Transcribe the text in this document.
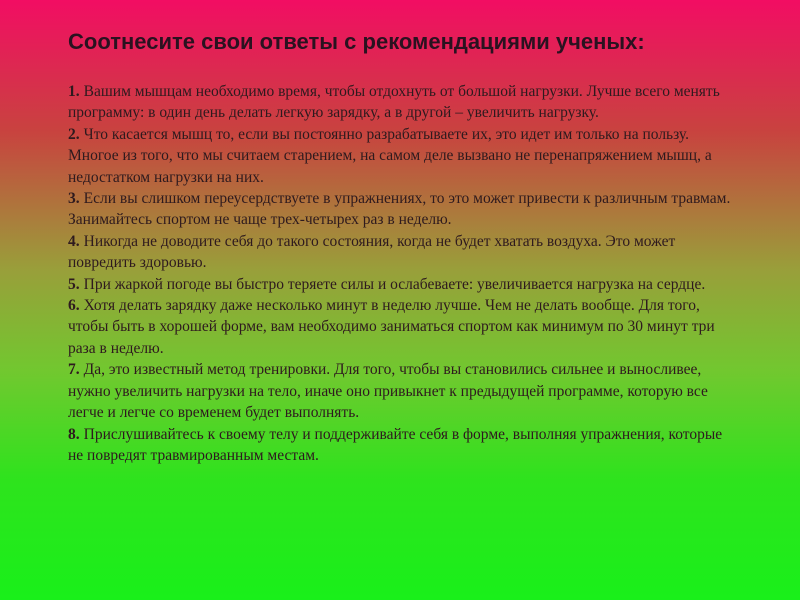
Соотнесите свои ответы с рекомендациями ученых:
1. Вашим мышцам необходимо время, чтобы отдохнуть от большой нагрузки. Лучше всего менять программу: в один день делать легкую зарядку, а в другой – увеличить нагрузку.
2. Что касается мышц то, если вы постоянно разрабатываете их, это идет им только на пользу. Многое из того, что мы считаем старением, на самом деле вызвано не перенапряжением мышц, а недостатком нагрузки на них.
3. Если вы слишком переусердствуете в упражнениях, то это может привести к различным травмам. Занимайтесь спортом не чаще трех-четырех раз в неделю.
4. Никогда не доводите себя до такого состояния, когда не будет хватать воздуха. Это может повредить здоровью.
5. При жаркой погоде вы быстро теряете силы и ослабеваете: увеличивается нагрузка на сердце.
6. Хотя делать зарядку даже несколько минут в неделю лучше. Чем не делать вообще. Для того, чтобы быть в хорошей форме, вам необходимо заниматься спортом как минимум по 30 минут три раза в неделю.
7. Да, это известный метод тренировки. Для того, чтобы вы становились сильнее и выносливее, нужно увеличить нагрузки на тело, иначе оно привыкнет к предыдущей программе, которую все легче и легче со временем будет выполнять.
8. Прислушивайтесь к своему телу и поддерживайте себя в форме, выполняя упражнения, которые не повредят травмированным местам.
